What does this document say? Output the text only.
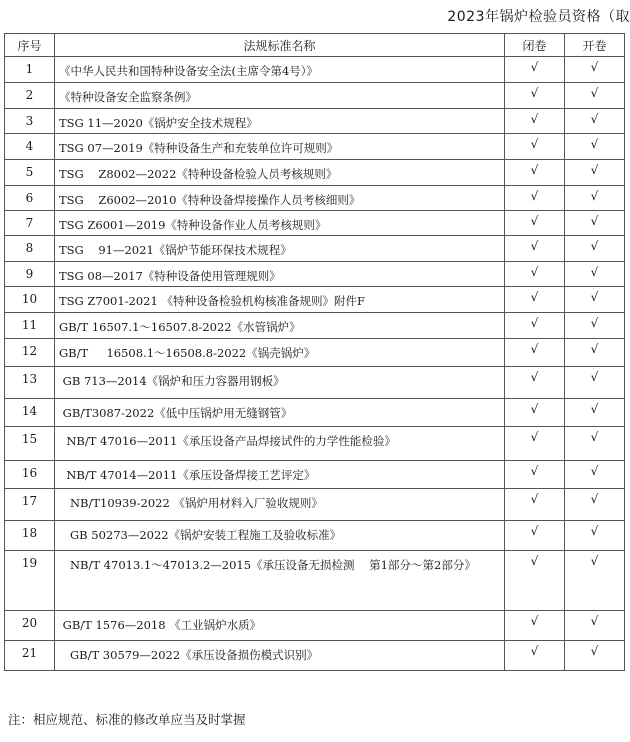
2023年锅炉检验员资格（取
序号	法规标准名称	闭卷	开卷
1	《中华人民共和国特种设备安全法(主席令第4号）》	√	√
2	《特种设备安全监察条例》	√	√
3	TSG 11—2020《锅炉安全技术规程》	√	√
4	TSG 07—2019《特种设备生产和充装单位许可规则》	√	√
5	TSG    Z8002—2022《特种设备检验人员考核规则》	√	√
6	TSG    Z6002—2010《特种设备焊接操作人员考核细则》	√	√
7	TSG Z6001—2019《特种设备作业人员考核规则》	√	√
8	TSG    91—2021《锅炉节能环保技术规程》	√	√
9	TSG 08—2017《特种设备使用管理规则》	√	√
10	TSG Z7001-2021 《特种设备检验机构核准备规则》附件F	√	√
11	GB/T 16507.1～16507.8-2022《水管锅炉》	√	√
12	GB/T     16508.1～16508.8-2022《锅壳锅炉》	√	√
13	GB 713—2014《锅炉和压力容器用钢板》	√	√
14	GB/T3087-2022《低中压锅炉用无缝钢管》	√	√
15	NB/T 47016—2011《承压设备产品焊接试件的力学性能检验》	√	√
16	NB/T 47014—2011《承压设备焊接工艺评定》	√	√
17	NB/T10939-2022 《锅炉用材料入厂验收规则》	√	√
18	GB 50273—2022《锅炉安装工程施工及验收标准》	√	√
19	NB/T 47013.1～47013.2—2015《承压设备无损检测    第1部分～第2部分》	√	√
20	GB/T 1576—2018 《工业锅炉水质》	√	√
21	GB/T 30579—2022《承压设备损伤模式识别》	√	√
注：相应规范、标准的修改单应当及时掌握
